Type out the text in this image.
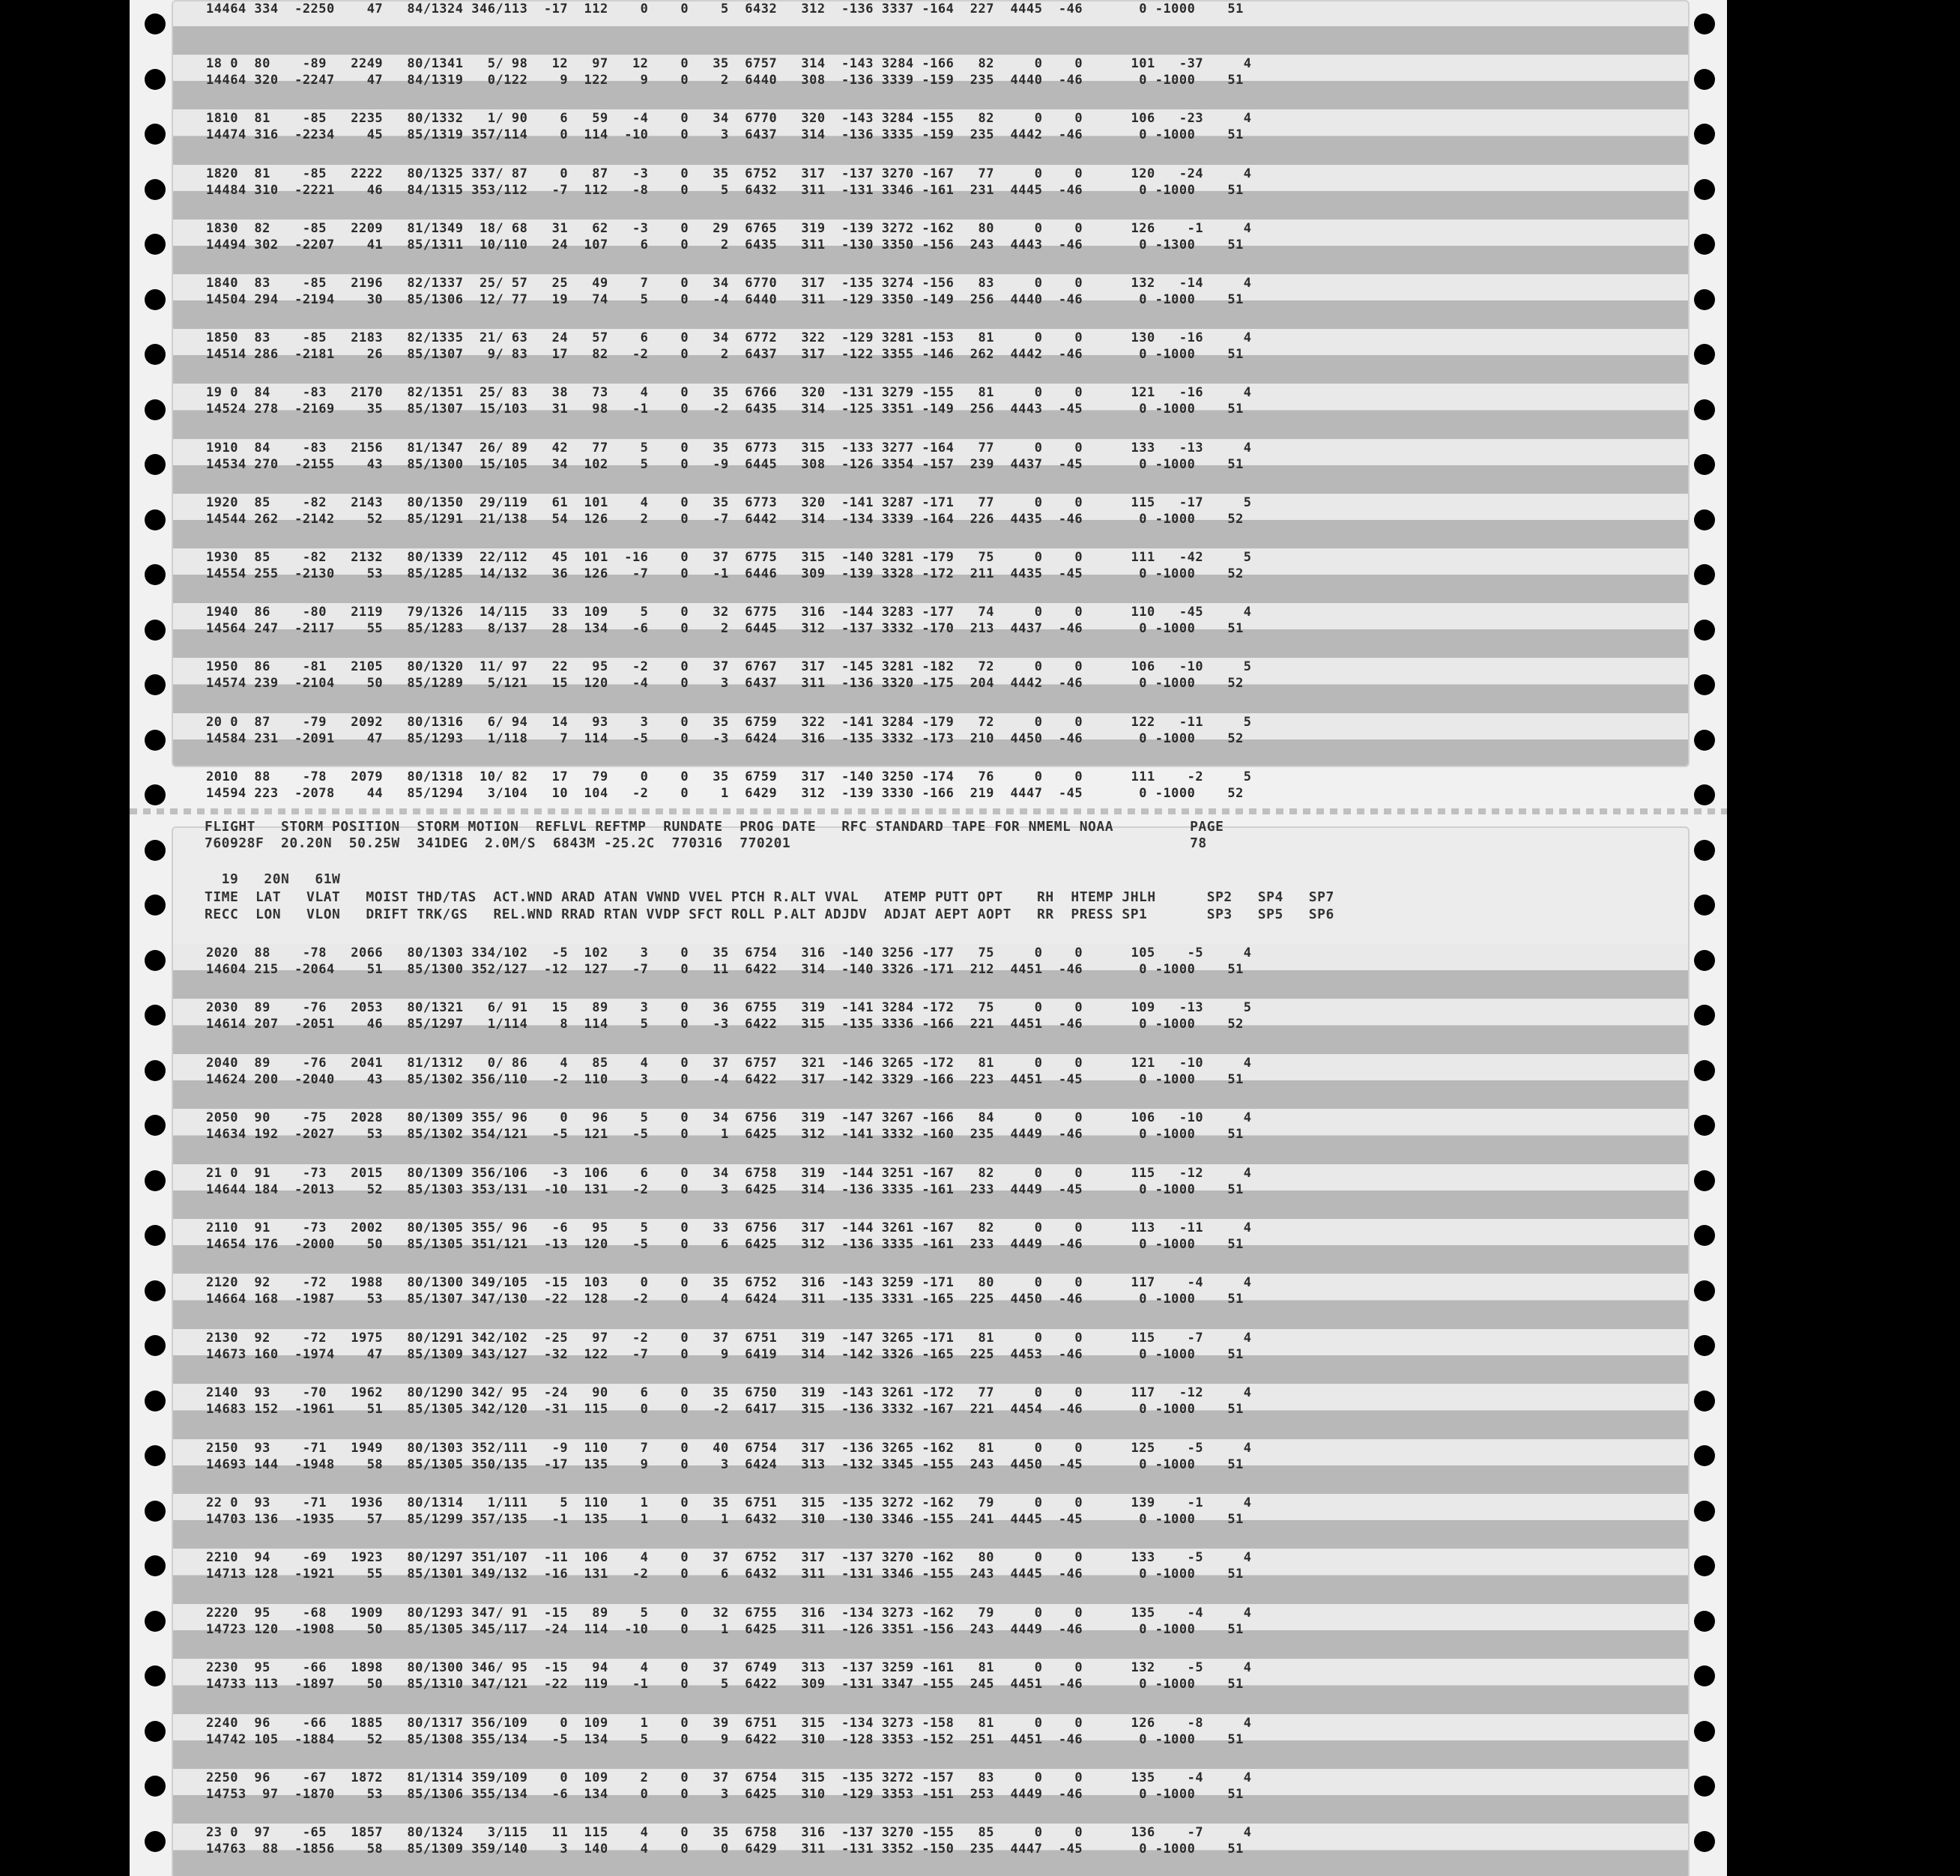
FLIGHT   STORM POSITION  STORM MOTION  REFLVL REFTMP  RUNDATE  PROG DATE   RFC STANDARD TAPE FOR NMEML NOAA         PAGE
760928F  20.20N  50.25W  341DEG  2.0M/S  6843M -25.2C  770316  770201                                               78
19   20N   61W
TIME  LAT   VLAT   MOIST THD/TAS  ACT.WND ARAD ATAN VWND VVEL PTCH R.ALT VVAL   ATEMP PUTT OPT    RH  HTEMP JHLH      SP2   SP4   SP7
RECC  LON   VLON   DRIFT TRK/GS   REL.WND RRAD RTAN VVDP SFCT ROLL P.ALT ADJDV  ADJAT AEPT AOPT   RR  PRESS SP1       SP3   SP5   SP6
14464 334  -2250    47   84/1324 346/113  -17  112    0    0    5  6432   312  -136 3337 -164  227  4445  -46       0 -1000    51
18 0  80    -89   2249   80/1341   5/ 98   12   97   12    0   35  6757   314  -143 3284 -166   82     0    0      101   -37     4
14464 320  -2247    47   84/1319   0/122    9  122    9    0    2  6440   308  -136 3339 -159  235  4440  -46       0 -1000    51
1810  81    -85   2235   80/1332   1/ 90    6   59   -4    0   34  6770   320  -143 3284 -155   82     0    0      106   -23     4
14474 316  -2234    45   85/1319 357/114    0  114  -10    0    3  6437   314  -136 3335 -159  235  4442  -46       0 -1000    51
1820  81    -85   2222   80/1325 337/ 87    0   87   -3    0   35  6752   317  -137 3270 -167   77     0    0      120   -24     4
14484 310  -2221    46   84/1315 353/112   -7  112   -8    0    5  6432   311  -131 3346 -161  231  4445  -46       0 -1000    51
1830  82    -85   2209   81/1349  18/ 68   31   62   -3    0   29  6765   319  -139 3272 -162   80     0    0      126    -1     4
14494 302  -2207    41   85/1311  10/110   24  107    6    0    2  6435   311  -130 3350 -156  243  4443  -46       0 -1300    51
1840  83    -85   2196   82/1337  25/ 57   25   49    7    0   34  6770   317  -135 3274 -156   83     0    0      132   -14     4
14504 294  -2194    30   85/1306  12/ 77   19   74    5    0   -4  6440   311  -129 3350 -149  256  4440  -46       0 -1000    51
1850  83    -85   2183   82/1335  21/ 63   24   57    6    0   34  6772   322  -129 3281 -153   81     0    0      130   -16     4
14514 286  -2181    26   85/1307   9/ 83   17   82   -2    0    2  6437   317  -122 3355 -146  262  4442  -46       0 -1000    51
19 0  84    -83   2170   82/1351  25/ 83   38   73    4    0   35  6766   320  -131 3279 -155   81     0    0      121   -16     4
14524 278  -2169    35   85/1307  15/103   31   98   -1    0   -2  6435   314  -125 3351 -149  256  4443  -45       0 -1000    51
1910  84    -83   2156   81/1347  26/ 89   42   77    5    0   35  6773   315  -133 3277 -164   77     0    0      133   -13     4
14534 270  -2155    43   85/1300  15/105   34  102    5    0   -9  6445   308  -126 3354 -157  239  4437  -45       0 -1000    51
1920  85    -82   2143   80/1350  29/119   61  101    4    0   35  6773   320  -141 3287 -171   77     0    0      115   -17     5
14544 262  -2142    52   85/1291  21/138   54  126    2    0   -7  6442   314  -134 3339 -164  226  4435  -46       0 -1000    52
1930  85    -82   2132   80/1339  22/112   45  101  -16    0   37  6775   315  -140 3281 -179   75     0    0      111   -42     5
14554 255  -2130    53   85/1285  14/132   36  126   -7    0   -1  6446   309  -139 3328 -172  211  4435  -45       0 -1000    52
1940  86    -80   2119   79/1326  14/115   33  109    5    0   32  6775   316  -144 3283 -177   74     0    0      110   -45     4
14564 247  -2117    55   85/1283   8/137   28  134   -6    0    2  6445   312  -137 3332 -170  213  4437  -46       0 -1000    51
1950  86    -81   2105   80/1320  11/ 97   22   95   -2    0   37  6767   317  -145 3281 -182   72     0    0      106   -10     5
14574 239  -2104    50   85/1289   5/121   15  120   -4    0    3  6437   311  -136 3320 -175  204  4442  -46       0 -1000    52
20 0  87    -79   2092   80/1316   6/ 94   14   93    3    0   35  6759   322  -141 3284 -179   72     0    0      122   -11     5
14584 231  -2091    47   85/1293   1/118    7  114   -5    0   -3  6424   316  -135 3332 -173  210  4450  -46       0 -1000    52
2010  88    -78   2079   80/1318  10/ 82   17   79    0    0   35  6759   317  -140 3250 -174   76     0    0      111    -2     5
14594 223  -2078    44   85/1294   3/104   10  104   -2    0    1  6429   312  -139 3330 -166  219  4447  -45       0 -1000    52
2020  88    -78   2066   80/1303 334/102   -5  102    3    0   35  6754   316  -140 3256 -177   75     0    0      105    -5     4
14604 215  -2064    51   85/1300 352/127  -12  127   -7    0   11  6422   314  -140 3326 -171  212  4451  -46       0 -1000    51
2030  89    -76   2053   80/1321   6/ 91   15   89    3    0   36  6755   319  -141 3284 -172   75     0    0      109   -13     5
14614 207  -2051    46   85/1297   1/114    8  114    5    0   -3  6422   315  -135 3336 -166  221  4451  -46       0 -1000    52
2040  89    -76   2041   81/1312   0/ 86    4   85    4    0   37  6757   321  -146 3265 -172   81     0    0      121   -10     4
14624 200  -2040    43   85/1302 356/110   -2  110    3    0   -4  6422   317  -142 3329 -166  223  4451  -45       0 -1000    51
2050  90    -75   2028   80/1309 355/ 96    0   96    5    0   34  6756   319  -147 3267 -166   84     0    0      106   -10     4
14634 192  -2027    53   85/1302 354/121   -5  121   -5    0    1  6425   312  -141 3332 -160  235  4449  -46       0 -1000    51
21 0  91    -73   2015   80/1309 356/106   -3  106    6    0   34  6758   319  -144 3251 -167   82     0    0      115   -12     4
14644 184  -2013    52   85/1303 353/131  -10  131   -2    0    3  6425   314  -136 3335 -161  233  4449  -45       0 -1000    51
2110  91    -73   2002   80/1305 355/ 96   -6   95    5    0   33  6756   317  -144 3261 -167   82     0    0      113   -11     4
14654 176  -2000    50   85/1305 351/121  -13  120   -5    0    6  6425   312  -136 3335 -161  233  4449  -46       0 -1000    51
2120  92    -72   1988   80/1300 349/105  -15  103    0    0   35  6752   316  -143 3259 -171   80     0    0      117    -4     4
14664 168  -1987    53   85/1307 347/130  -22  128   -2    0    4  6424   311  -135 3331 -165  225  4450  -46       0 -1000    51
2130  92    -72   1975   80/1291 342/102  -25   97   -2    0   37  6751   319  -147 3265 -171   81     0    0      115    -7     4
14673 160  -1974    47   85/1309 343/127  -32  122   -7    0    9  6419   314  -142 3326 -165  225  4453  -46       0 -1000    51
2140  93    -70   1962   80/1290 342/ 95  -24   90    6    0   35  6750   319  -143 3261 -172   77     0    0      117   -12     4
14683 152  -1961    51   85/1305 342/120  -31  115    0    0   -2  6417   315  -136 3332 -167  221  4454  -46       0 -1000    51
2150  93    -71   1949   80/1303 352/111   -9  110    7    0   40  6754   317  -136 3265 -162   81     0    0      125    -5     4
14693 144  -1948    58   85/1305 350/135  -17  135    9    0    3  6424   313  -132 3345 -155  243  4450  -45       0 -1000    51
22 0  93    -71   1936   80/1314   1/111    5  110    1    0   35  6751   315  -135 3272 -162   79     0    0      139    -1     4
14703 136  -1935    57   85/1299 357/135   -1  135    1    0    1  6432   310  -130 3346 -155  241  4445  -45       0 -1000    51
2210  94    -69   1923   80/1297 351/107  -11  106    4    0   37  6752   317  -137 3270 -162   80     0    0      133    -5     4
14713 128  -1921    55   85/1301 349/132  -16  131   -2    0    6  6432   311  -131 3346 -155  243  4445  -46       0 -1000    51
2220  95    -68   1909   80/1293 347/ 91  -15   89    5    0   32  6755   316  -134 3273 -162   79     0    0      135    -4     4
14723 120  -1908    50   85/1305 345/117  -24  114  -10    0    1  6425   311  -126 3351 -156  243  4449  -46       0 -1000    51
2230  95    -66   1898   80/1300 346/ 95  -15   94    4    0   37  6749   313  -137 3259 -161   81     0    0      132    -5     4
14733 113  -1897    50   85/1310 347/121  -22  119   -1    0    5  6422   309  -131 3347 -155  245  4451  -46       0 -1000    51
2240  96    -66   1885   80/1317 356/109    0  109    1    0   39  6751   315  -134 3273 -158   81     0    0      126    -8     4
14742 105  -1884    52   85/1308 355/134   -5  134    5    0    9  6422   310  -128 3353 -152  251  4451  -46       0 -1000    51
2250  96    -67   1872   81/1314 359/109    0  109    2    0   37  6754   315  -135 3272 -157   83     0    0      135    -4     4
14753  97  -1870    53   85/1306 355/134   -6  134    0    0    3  6425   310  -129 3353 -151  253  4449  -46       0 -1000    51
23 0  97    -65   1857   80/1324   3/115   11  115    4    0   35  6758   316  -137 3270 -155   85     0    0      136    -7     4
14763  88  -1856    58   85/1309 359/140    3  140    4    0    0  6429   311  -131 3352 -150  235  4447  -45       0 -1000    51
